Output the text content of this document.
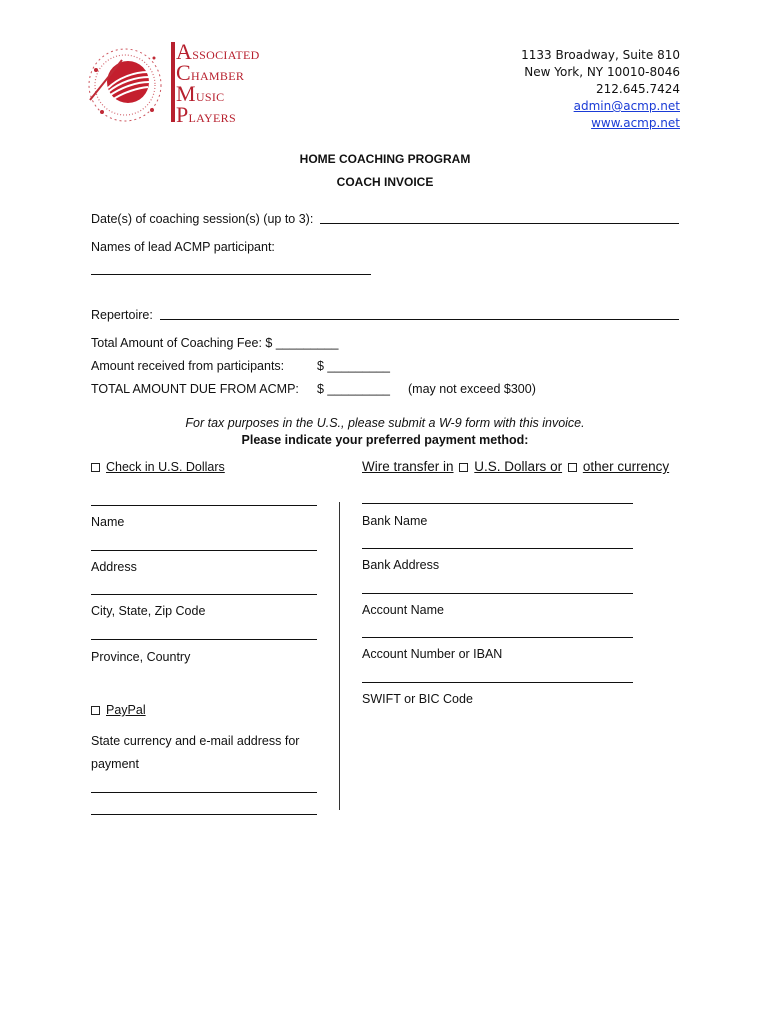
Associated
Chamber
Music
Players
1133 Broadway, Suite 810
New York, NY 10010-8046
212.645.7424
admin@acmp.net
www.acmp.net
HOME COACHING PROGRAM
COACH INVOICE
Date(s) of coaching session(s) (up to 3):
Names of lead ACMP participant:
Repertoire:
Total Amount of Coaching Fee: $ _________
Amount received from participants:	$ _________
TOTAL AMOUNT DUE FROM ACMP: $ _________ (may not exceed $300)
For tax purposes in the U.S., please submit a W-9 form with this invoice.
Please indicate your preferred payment method:
Check in U.S. Dollars
Name
Address
City, State, Zip Code
Province, Country
PayPal
State currency and e-mail address for
payment
Wire transfer in U.S. Dollars or other currency
Bank Name
Bank Address
Account Name
Account Number or IBAN
SWIFT or BIC Code
